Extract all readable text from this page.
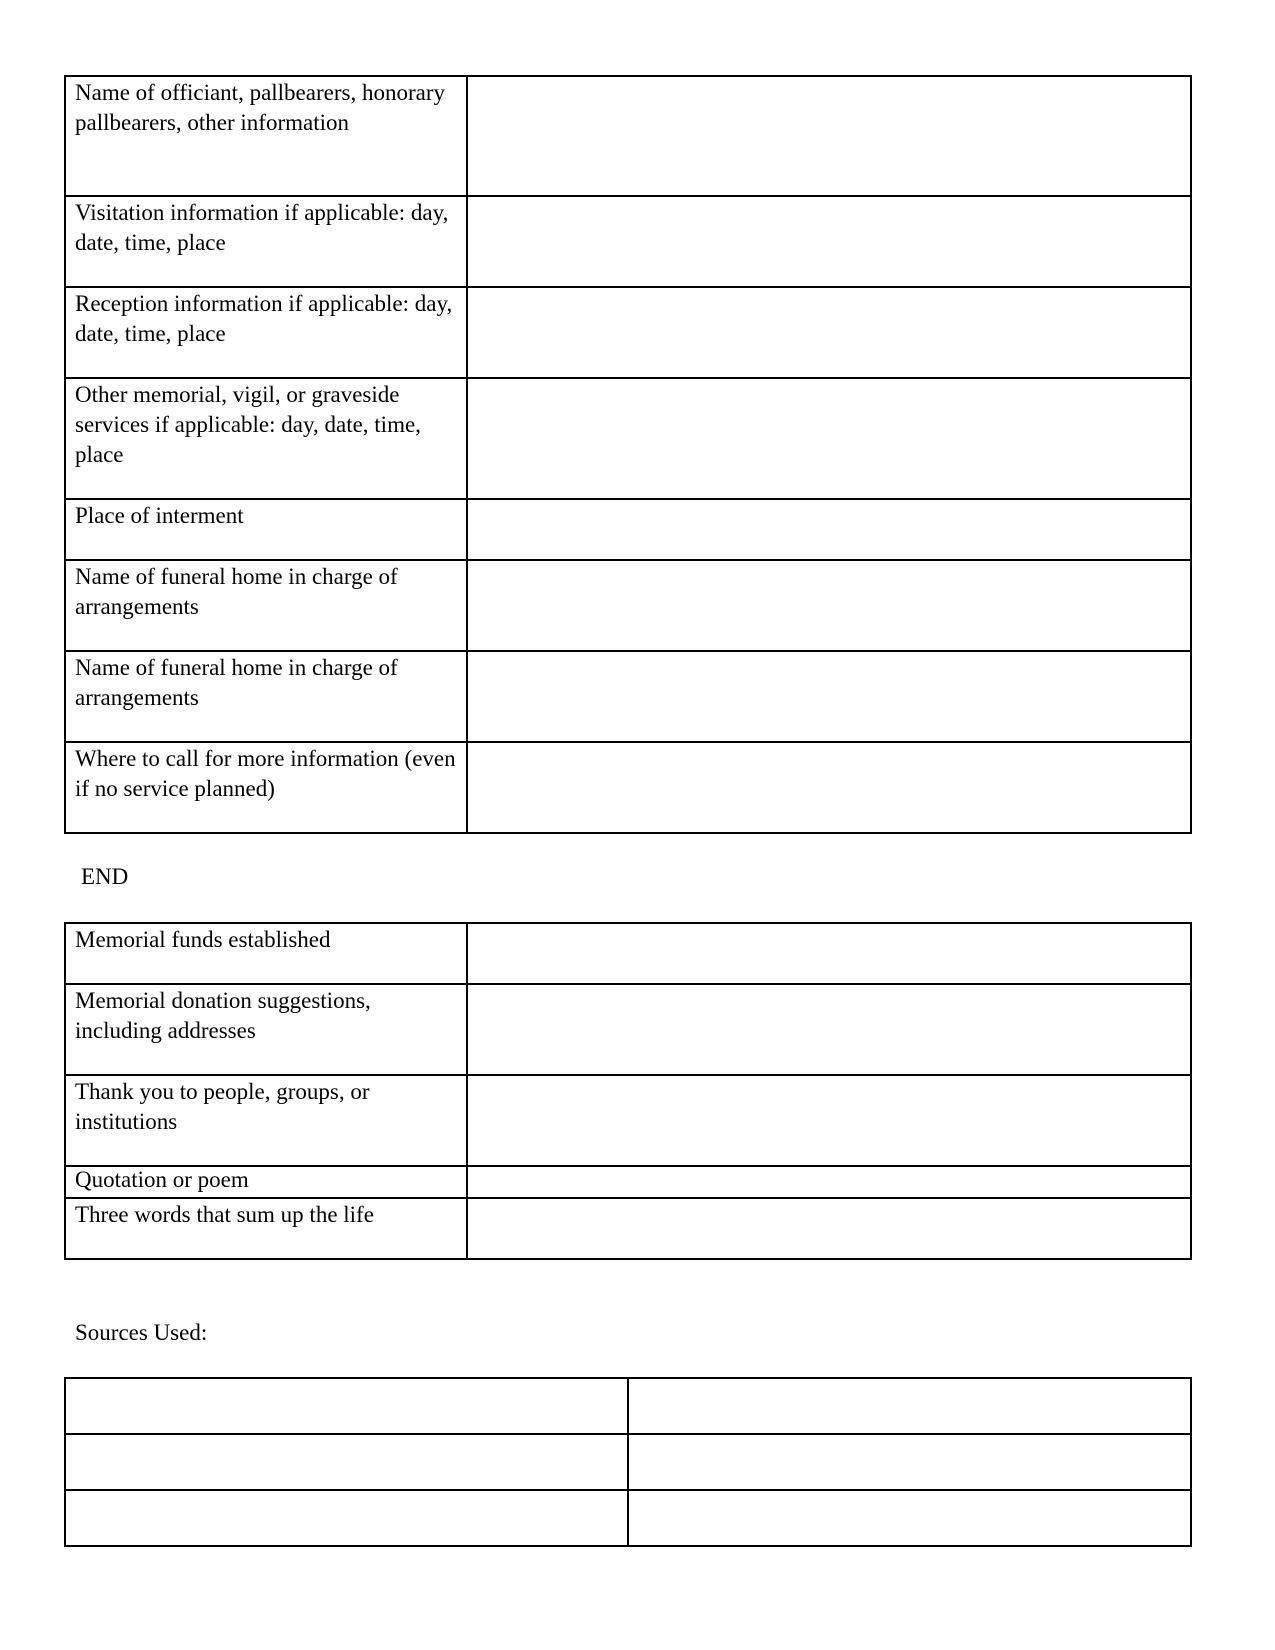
Name of officiant, pallbearers, honorary pallbearers, other information	
Visitation information if applicable: day, date, time, place	
Reception information if applicable: day, date, time, place	
Other memorial, vigil, or graveside services if applicable: day, date, time, place	
Place of interment	
Name of funeral home in charge of arrangements	
Name of funeral home in charge of arrangements	
Where to call for more information (even if no service planned)	

END

Memorial funds established	
Memorial donation suggestions, including addresses	
Thank you to people, groups, or institutions	
Quotation or poem	
Three words that sum up the life	

Sources Used:
